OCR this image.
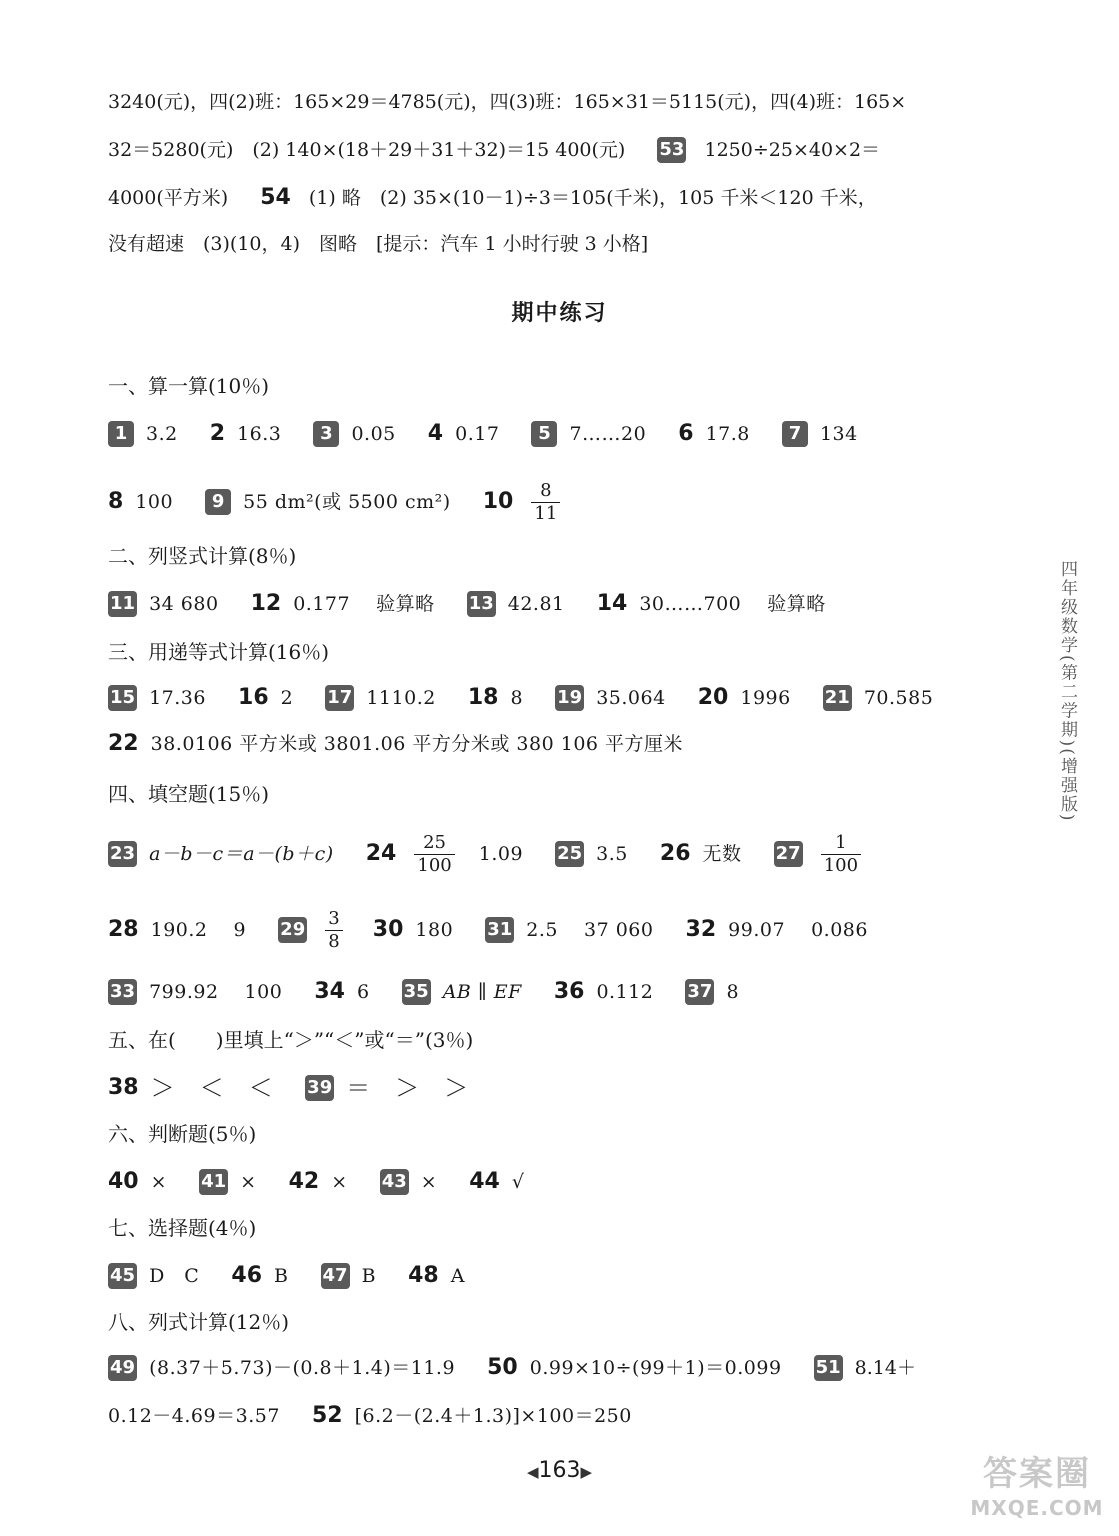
3240(元)，四(2)班：165×29＝4785(元)，四(3)班：165×31＝5115(元)，四(4)班：165×
32＝5280(元)　(2) 140×(18＋29＋31＋32)＝15 400(元) 53 1250÷25×40×2＝
4000(平方米) 54 (1) 略　(2) 35×(10－1)÷3＝105(千米)，105 千米＜120 千米，
没有超速　(3)(10，4)　图略　[提示：汽车 1 小时行驶 3 小格]
期中练习
一、算一算(10％)
1 3.2 2 16.3 3 0.05 4 0.17 5 7……20 6 17.8 7 134
8 100 9 55 dm²(或 5500 cm²) $10 \frac{8}{11}$
二、列竖式计算(8％)
11 34 680 12 0.177 验算略 13 42.81 14 30……700 验算略
三、用递等式计算(16％)
15 17.36 16 2 17 1110.2 18 8 19 35.064 20 1996 21 70.585
22 38.0106 平方米或 3801.06 平方分米或 380 106 平方厘米
四、填空题(15％)
23 a－b－c＝a－(b＋c) $24 \frac{25}{100} 1.09$ 25 3.5 26 无数 $27 \frac{1}{100}$
28 190.2 9 $29 \frac{3}{8} 30$ 180 31 2.5 37 060 32 99.07 0.086
33 799.92 100 34 6 35 AB ∥ EF 36 0.112 37 8
五、在(　　)里填上“＞”“＜”或“＝”(3％)
38 ＞　＜　＜ 39 ＝　＞　＞
六、判断题(5％)
40 × 41 × 42 × 43 × 44 √
七、选择题(4％)
45 D　C 46 B 47 B 48 A
八、列式计算(12％)
49 (8.37＋5.73)－(0.8＋1.4)＝11.9 50 0.99×10÷(99＋1)＝0.099 51 8.14＋
0.12－4.69＝3.57 52 [6.2－(2.4＋1.3)]×100＝250
四年级数学(第二学期)(增强版)
◀163▶	答案圈
MXQE.COM
